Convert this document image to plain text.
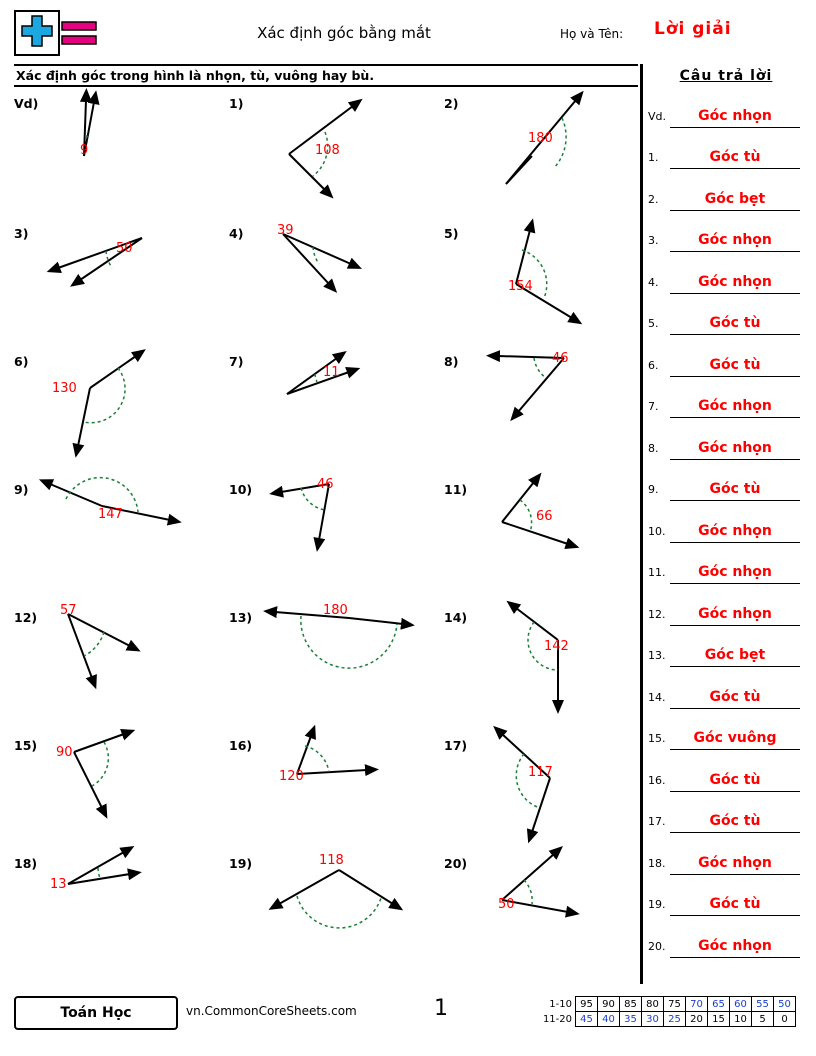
Xác định góc bằng mắt	Họ và Tên: Lời giải
Xác định góc trong hình là nhọn, tù, vuông hay bù.
Vd)
9
1)
108
2)
180
3)
50
4)	39	5)
154
6)
130
7)
11
8)	46
9)
147
10)	46	11)
66
12) 57	13)	180	14)
142
15) 90	16)
120
17)
117
18)
13
19)	118	20)
50
Câu trả lời
Vd.	Góc nhọn
1.	Góc tù
2.	Góc bẹt
3.	Góc nhọn
4.	Góc nhọn
5.	Góc tù
6.	Góc tù
7.	Góc nhọn
8.	Góc nhọn
9.	Góc tù
10.	Góc nhọn
11.	Góc nhọn
12.	Góc nhọn
13.	Góc bẹt
14.	Góc tù
15.	Góc vuông
16.	Góc tù
17.	Góc tù
18.	Góc nhọn
19.	Góc tù
20.	Góc nhọn
Toán Học	vn.CommonCoreSheets.com	1	1-10	95	90	85	80	75	70	65	60	55	50
11-20	45	40	35	30	25	20	15	10	5	0
